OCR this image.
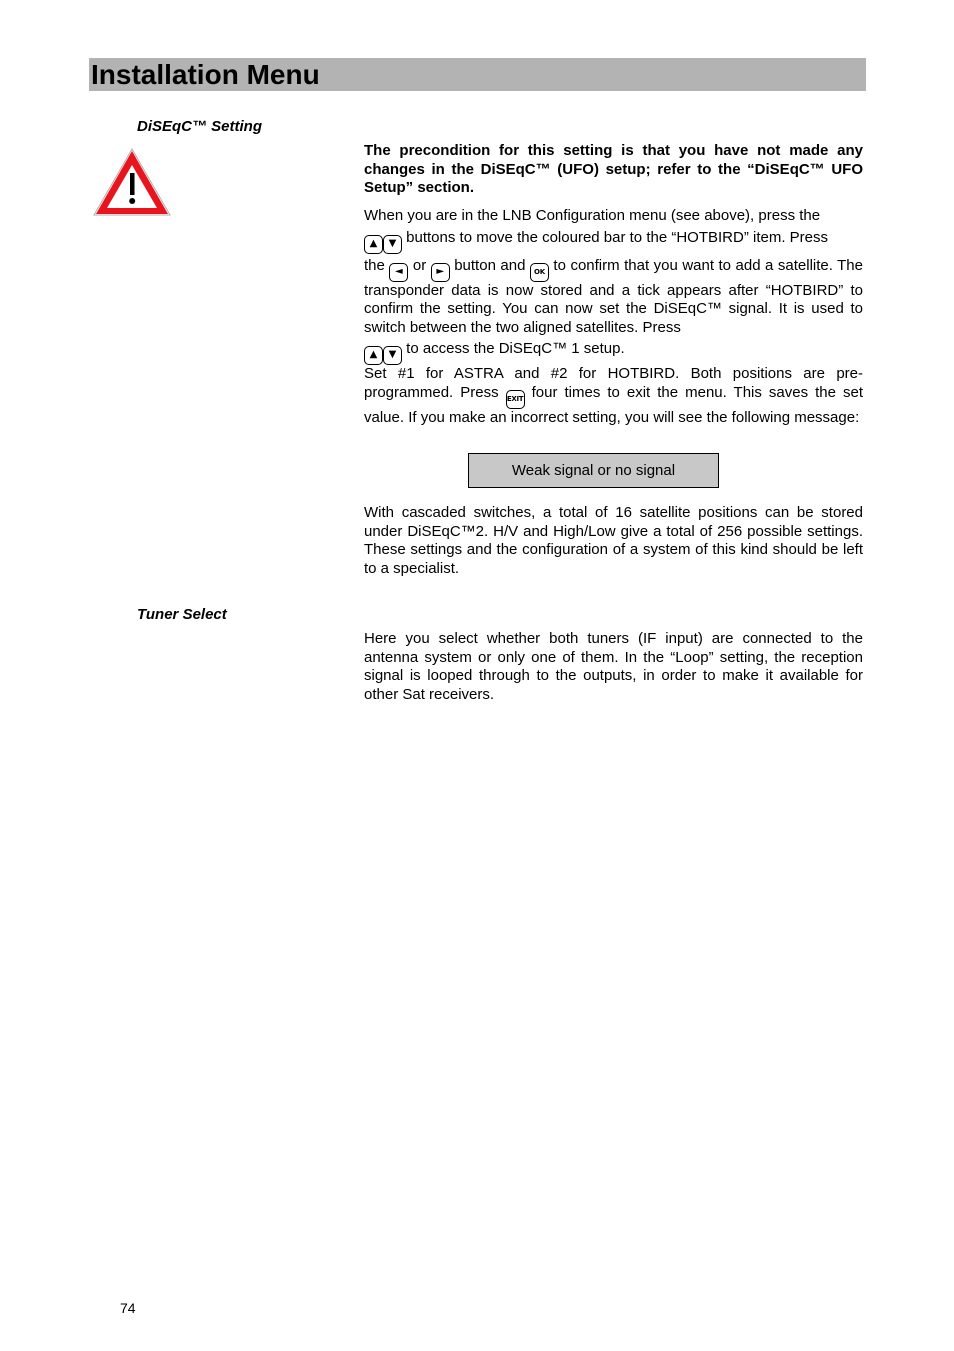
Installation Menu
DiSEqC™ Setting

The precondition for this setting is that you have not made any changes in the DiSEqC™ (UFO) setup; refer to the “DiSEqC™ UFO Setup” section.

When you are in the LNB Configuration menu (see above), press the

▲ ▼ buttons to move the coloured bar to the “HOTBIRD” item. Press

the ◄ or ► button and OK to confirm that you want to add a satellite. The transponder data is now stored and a tick appears after “HOTBIRD” to confirm the setting. You can now set the DiSEqC™ signal. It is used to switch between the two aligned satellites. Press

▲ ▼ to access the DiSEqC™ 1 setup.

Set #1 for ASTRA and #2 for HOTBIRD. Both positions are pre-programmed. Press EXIT four times to exit the menu. This saves the set value. If you make an incorrect setting, you will see the following message:

Weak signal or no signal

With cascaded switches, a total of 16 satellite positions can be stored under DiSEqC™2. H/V and High/Low give a total of 256 possible settings. These settings and the configuration of a system of this kind should be left to a specialist.

Tuner Select

Here you select whether both tuners (IF input) are connected to the antenna system or only one of them. In the “Loop” setting, the reception signal is looped through to the outputs, in order to make it available for other Sat receivers.

74
